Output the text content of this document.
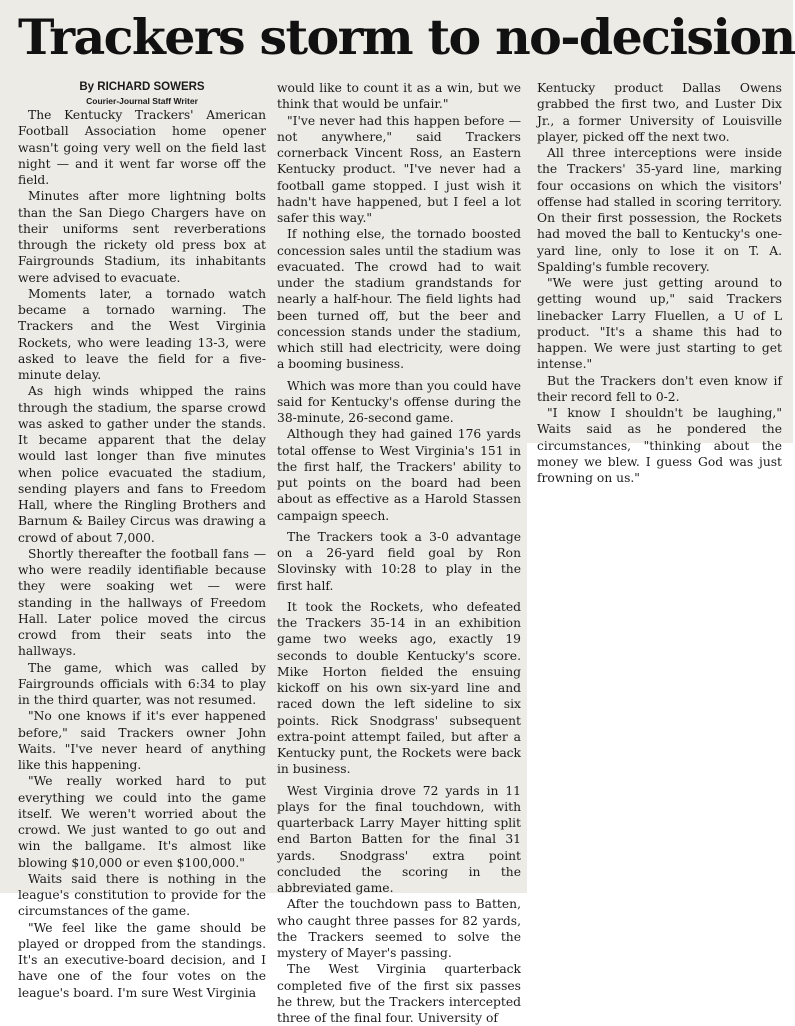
Trackers storm to no-decision

By RICHARD SOWERS

Courier-Journal Staff Writer

The Kentucky Trackers' American Football Association home opener wasn't going very well on the field last night — and it went far worse off the field.

Minutes after more lightning bolts than the San Diego Chargers have on their uniforms sent reverberations through the rickety old press box at Fairgrounds Stadium, its inhabitants were advised to evacuate.

Moments later, a tornado watch became a tornado warning. The Trackers and the West Virginia Rockets, who were leading 13-3, were asked to leave the field for a five-minute delay.

As high winds whipped the rains through the stadium, the sparse crowd was asked to gather under the stands. It became apparent that the delay would last longer than five minutes when police evacuated the stadium, sending players and fans to Freedom Hall, where the Ringling Brothers and Barnum & Bailey Circus was drawing a crowd of about 7,000.

Shortly thereafter the football fans — who were readily identifiable because they were soaking wet — were standing in the hallways of Freedom Hall. Later police moved the circus crowd from their seats into the hallways.

The game, which was called by Fairgrounds officials with 6:34 to play in the third quarter, was not resumed.

"No one knows if it's ever happened before," said Trackers owner John Waits. "I've never heard of anything like this happening.

"We really worked hard to put everything we could into the game itself. We weren't worried about the crowd. We just wanted to go out and win the ballgame. It's almost like blowing $10,000 or even $100,000."

Waits said there is nothing in the league's constitution to provide for the circumstances of the game.

"We feel like the game should be played or dropped from the standings. It's an executive-board decision, and I have one of the four votes on the league's board. I'm sure West Virginia

would like to count it as a win, but we think that would be unfair."

"I've never had this happen before — not anywhere," said Trackers cornerback Vincent Ross, an Eastern Kentucky product. "I've never had a football game stopped. I just wish it hadn't have happened, but I feel a lot safer this way."

If nothing else, the tornado boosted concession sales until the stadium was evacuated. The crowd had to wait under the stadium grandstands for nearly a half-hour. The field lights had been turned off, but the beer and concession stands under the stadium, which still had electricity, were doing a booming business.

Which was more than you could have said for Kentucky's offense during the 38-minute, 26-second game.

Although they had gained 176 yards total offense to West Virginia's 151 in the first half, the Trackers' ability to put points on the board had been about as effective as a Harold Stassen campaign speech.

The Trackers took a 3-0 advantage on a 26-yard field goal by Ron Slovinsky with 10:28 to play in the first half.

It took the Rockets, who defeated the Trackers 35-14 in an exhibition game two weeks ago, exactly 19 seconds to double Kentucky's score. Mike Horton fielded the ensuing kickoff on his own six-yard line and raced down the left sideline to six points. Rick Snodgrass' subsequent extra-point attempt failed, but after a Kentucky punt, the Rockets were back in business.

West Virginia drove 72 yards in 11 plays for the final touchdown, with quarterback Larry Mayer hitting split end Barton Batten for the final 31 yards. Snodgrass' extra point concluded the scoring in the abbreviated game.

After the touchdown pass to Batten, who caught three passes for 82 yards, the Trackers seemed to solve the mystery of Mayer's passing.

The West Virginia quarterback completed five of the first six passes he threw, but the Trackers intercepted three of the final four. University of

Kentucky product Dallas Owens grabbed the first two, and Luster Dix Jr., a former University of Louisville player, picked off the next two.

All three interceptions were inside the Trackers' 35-yard line, marking four occasions on which the visitors' offense had stalled in scoring territory. On their first possession, the Rockets had moved the ball to Kentucky's one-yard line, only to lose it on T. A. Spalding's fumble recovery.

"We were just getting around to getting wound up," said Trackers linebacker Larry Fluellen, a U of L product. "It's a shame this had to happen. We were just starting to get intense."

But the Trackers don't even know if their record fell to 0-2.

"I know I shouldn't be laughing," Waits said as he pondered the circumstances, "thinking about the money we blew. I guess God was just frowning on us."
